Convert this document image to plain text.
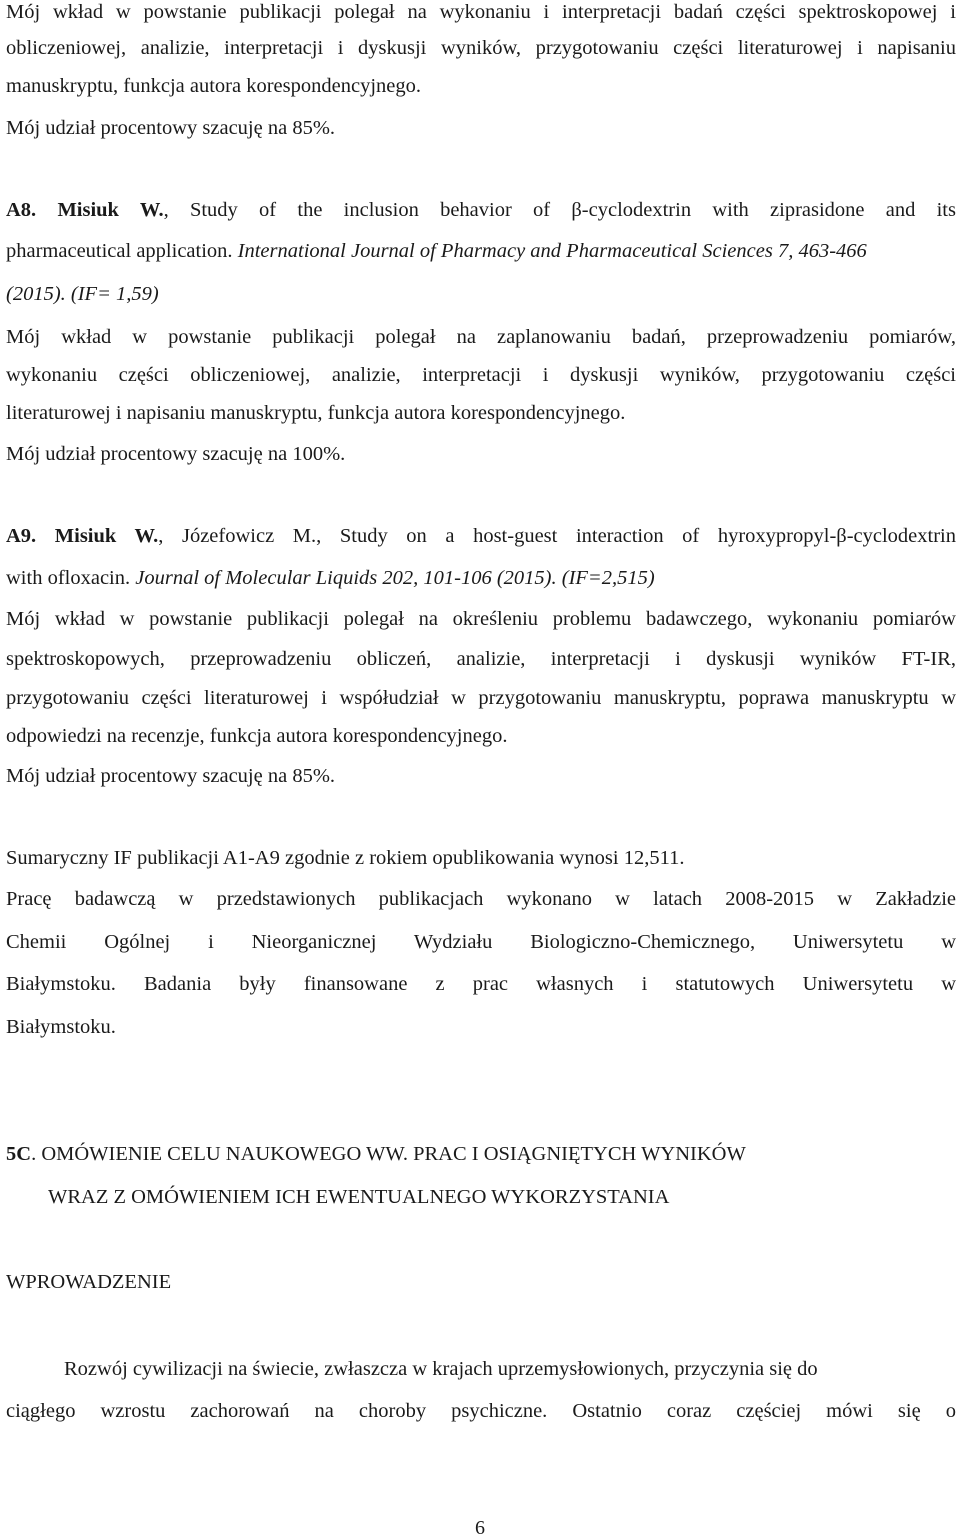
Mój wkład w powstanie publikacji polegał na wykonaniu i interpretacji badań części spektroskopowej i
obliczeniowej, analizie, interpretacji i dyskusji wyników, przygotowaniu części literaturowej i napisaniu
manuskryptu, funkcja autora korespondencyjnego.
Mój udział procentowy szacuję na 85%.
A8. Misiuk W., Study of the inclusion behavior of β-cyclodextrin with ziprasidone and its
pharmaceutical application. International Journal of Pharmacy and Pharmaceutical Sciences 7, 463-466
(2015). (IF= 1,59)
Mój wkład w powstanie publikacji polegał na zaplanowaniu badań, przeprowadzeniu pomiarów,
wykonaniu części obliczeniowej, analizie, interpretacji i dyskusji wyników, przygotowaniu części
literaturowej i napisaniu manuskryptu, funkcja autora korespondencyjnego.
Mój udział procentowy szacuję na 100%.
A9. Misiuk W., Józefowicz M., Study on a host-guest interaction of hyroxypropyl-β-cyclodextrin
with ofloxacin. Journal of Molecular Liquids 202, 101-106 (2015). (IF=2,515)
Mój wkład w powstanie publikacji polegał na określeniu problemu badawczego, wykonaniu pomiarów
spektroskopowych, przeprowadzeniu obliczeń, analizie, interpretacji i dyskusji wyników FT-IR,
przygotowaniu części literaturowej i współudział w przygotowaniu manuskryptu, poprawa manuskryptu w
odpowiedzi na recenzje, funkcja autora korespondencyjnego.
Mój udział procentowy szacuję na 85%.
Sumaryczny IF publikacji A1-A9 zgodnie z rokiem opublikowania wynosi 12,511.
Pracę badawczą w przedstawionych publikacjach wykonano w latach 2008-2015 w Zakładzie
Chemii Ogólnej i Nieorganicznej Wydziału Biologiczno-Chemicznego, Uniwersytetu w
Białymstoku. Badania były finansowane z prac własnych i statutowych Uniwersytetu w
Białymstoku.
5C. OMÓWIENIE CELU NAUKOWEGO WW. PRAC I OSIĄGNIĘTYCH WYNIKÓW
WRAZ Z OMÓWIENIEM ICH EWENTUALNEGO WYKORZYSTANIA
WPROWADZENIE
Rozwój cywilizacji na świecie, zwłaszcza w krajach uprzemysłowionych, przyczynia się do
ciągłego wzrostu zachorowań na choroby psychiczne. Ostatnio coraz częściej mówi się o
6
